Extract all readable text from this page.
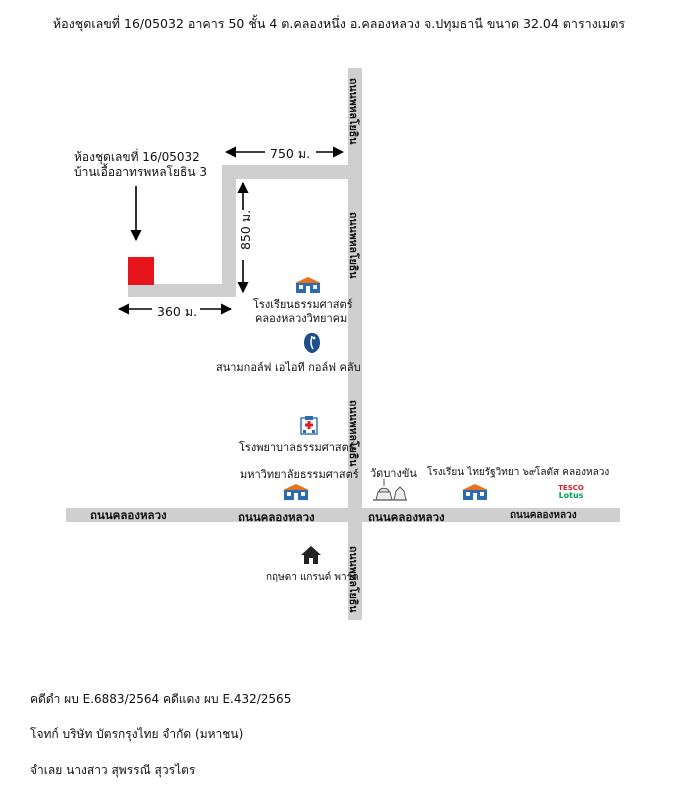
ห้องชุดเลขที่ 16/05032 อาคาร 50 ชั้น 4 ต.คลองหนึ่ง อ.คลองหลวง จ.ปทุมธานี ขนาด 32.04 ตารางเมตร
ถนนพหลโยธิน
ถนนพหลโยธิน
ถนนพหลโยธิน
ถนนพหลโยธิน
ถนนคลองหลวง	ถนนคลองหลวง	ถนนคลองหลวง	ถนนคลองหลวง
750 ม.
850 ม.
360 ม.
ห้องชุดเลขที่ 16/05032
บ้านเอื้ออาทรพหลโยธิน 3
โรงเรียนธรรมศาสตร์
คลองหลวงวิทยาคม
สนามกอล์ฟ เอไอที กอล์ฟ คลับ
โรงพยาบาลธรรมศาสตร์
มหาวิทยาลัยธรรมศาสตร์ วัดบางขัน โรงเรียน ไทยรัฐวิทยา ๖๙
โลตัส คลองหลวง
TESCO
Lotus
กฤษดา แกรนด์ พาร์ค
คดีดำ ผบ E.6883/2564 คดีแดง ผบ E.432/2565
โจทก์ บริษัท บัตรกรุงไทย จำกัด (มหาชน)
จำเลย นางสาว สุพรรณี สุวรไตร
